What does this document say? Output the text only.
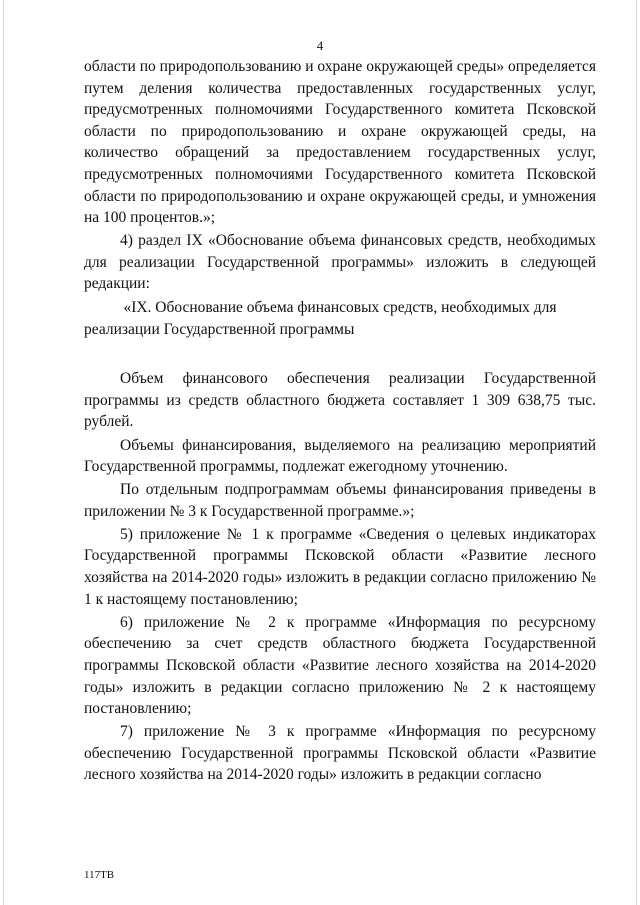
4

области по природопользованию и охране окружающей среды» определяется путем деления количества предоставленных государственных услуг, предусмотренных полномочиями Государственного комитета Псковской области по природопользованию и охране окружающей среды, на количество обращений за предоставлением государственных услуг, предусмотренных полномочиями Государственного комитета Псковской области по природопользованию и охране окружающей среды, и умножения на 100 процентов.»;

4) раздел IX «Обоснование объема финансовых средств, необходимых для реализации Государственной программы» изложить в следующей редакции:

«IX. Обоснование объема финансовых средств, необходимых для реализации Государственной программы

Объем финансового обеспечения реализации Государственной программы из средств областного бюджета составляет 1 309 638,75 тыс. рублей.

Объемы финансирования, выделяемого на реализацию мероприятий Государственной программы, подлежат ежегодному уточнению.

По отдельным подпрограммам объемы финансирования приведены в приложении № 3 к Государственной программе.»;

5) приложение № 1 к программе «Сведения о целевых индикаторах Государственной программы Псковской области «Развитие лесного хозяйства на 2014-2020 годы» изложить в редакции согласно приложению № 1 к настоящему постановлению;

6) приложение № 2 к программе «Информация по ресурсному обеспечению за счет средств областного бюджета Государственной программы Псковской области «Развитие лесного хозяйства на 2014-2020 годы» изложить в редакции согласно приложению № 2 к настоящему постановлению;

7) приложение № 3 к программе «Информация по ресурсному обеспечению Государственной программы Псковской области «Развитие лесного хозяйства на 2014-2020 годы» изложить в редакции согласно

117ТВ
